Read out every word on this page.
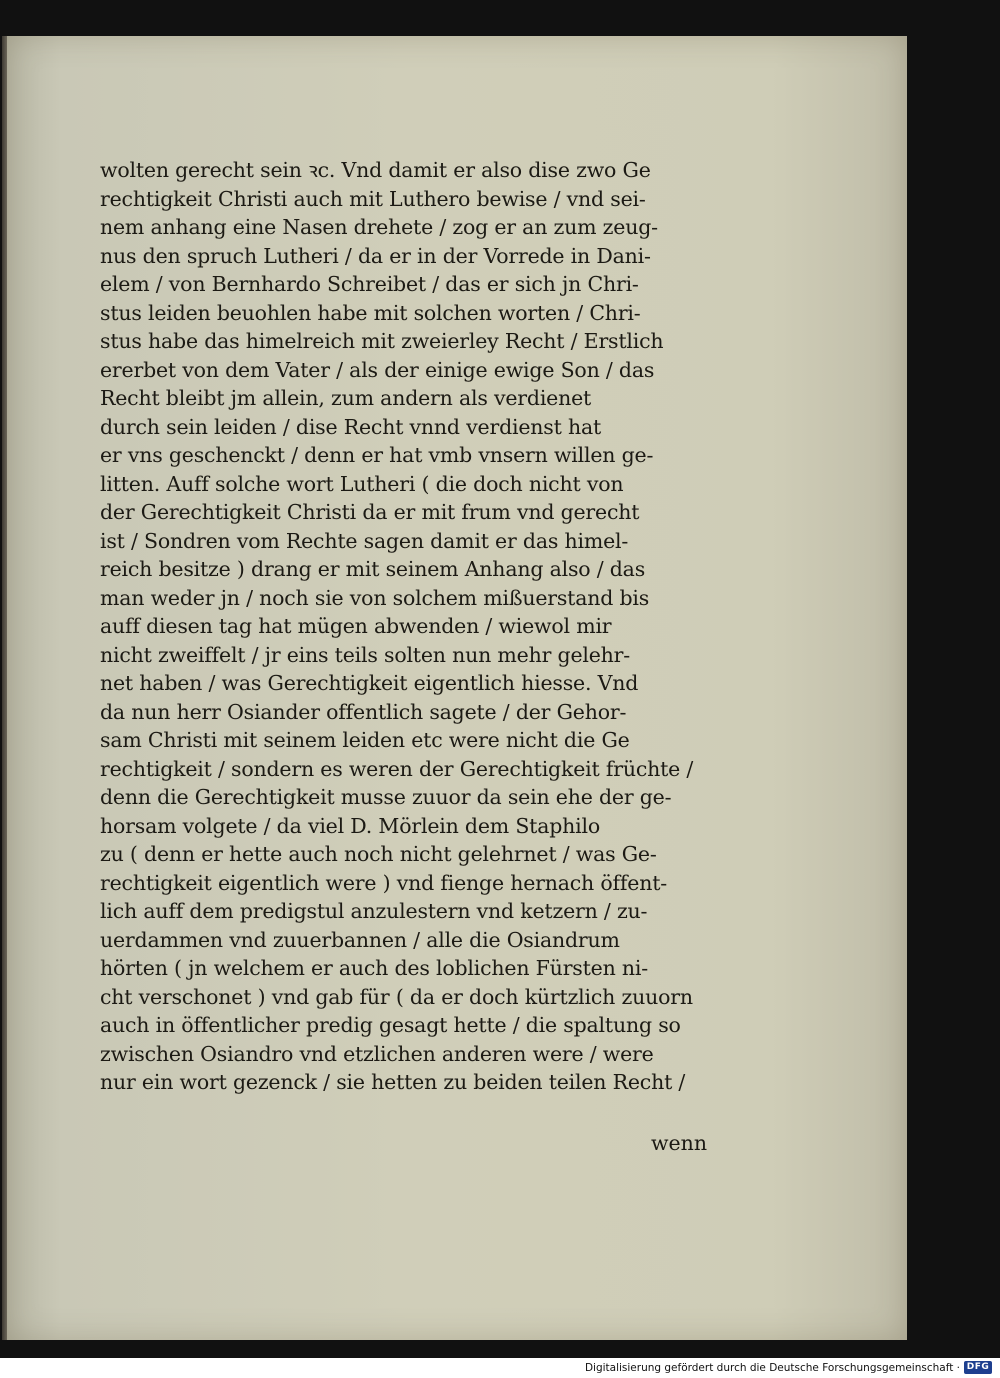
wolten gerecht sein ꝛc. Vnd damit er also dise zwo Ge
rechtigkeit Christi auch mit Luthero bewise / vnd sei-
nem anhang eine Nasen drehete / zog er an zum zeug-
nus den spruch Lutheri / da er in der Vorrede in Dani-
elem / von Bernhardo Schreibet / das er sich jn Chri-
stus leiden beuohlen habe mit solchen worten / Chri-
stus habe das himelreich mit zweierley Recht / Erstlich
ererbet von dem Vater / als der einige ewige Son / das
Recht bleibt jm allein, zum andern als verdienet
durch sein leiden / dise Recht vnnd verdienst hat
er vns geschenckt / denn er hat vmb vnsern willen ge-
litten. Auff solche wort Lutheri ( die doch nicht von
der Gerechtigkeit Christi da er mit frum vnd gerecht
ist / Sondren vom Rechte sagen damit er das himel-
reich besitze ) drang er mit seinem Anhang also / das
man weder jn / noch sie von solchem mißuerstand bis
auff diesen tag hat mügen abwenden / wiewol mir
nicht zweiffelt / jr eins teils solten nun mehr gelehr-
net haben / was Gerechtigkeit eigentlich hiesse. Vnd
da nun herr Osiander offentlich sagete / der Gehor-
sam Christi mit seinem leiden etc were nicht die Ge
rechtigkeit / sondern es weren der Gerechtigkeit früchte /
denn die Gerechtigkeit musse zuuor da sein ehe der ge-
horsam volgete / da viel D. Mörlein dem Staphilo
zu ( denn er hette auch noch nicht gelehrnet / was Ge-
rechtigkeit eigentlich were ) vnd fienge hernach öffent-
lich auff dem predigstul anzulestern vnd ketzern / zu-
uerdammen vnd zuuerbannen / alle die Osiandrum
hörten ( jn welchem er auch des loblichen Fürsten ni-
cht verschonet ) vnd gab für ( da er doch kürtzlich zuuorn
auch in öffentlicher predig gesagt hette / die spaltung so
zwischen Osiandro vnd etzlichen anderen were / were
nur ein wort gezenck / sie hetten zu beiden teilen Recht /
wenn
Digitalisierung gefördert durch die Deutsche Forschungsgemeinschaft · DFG
